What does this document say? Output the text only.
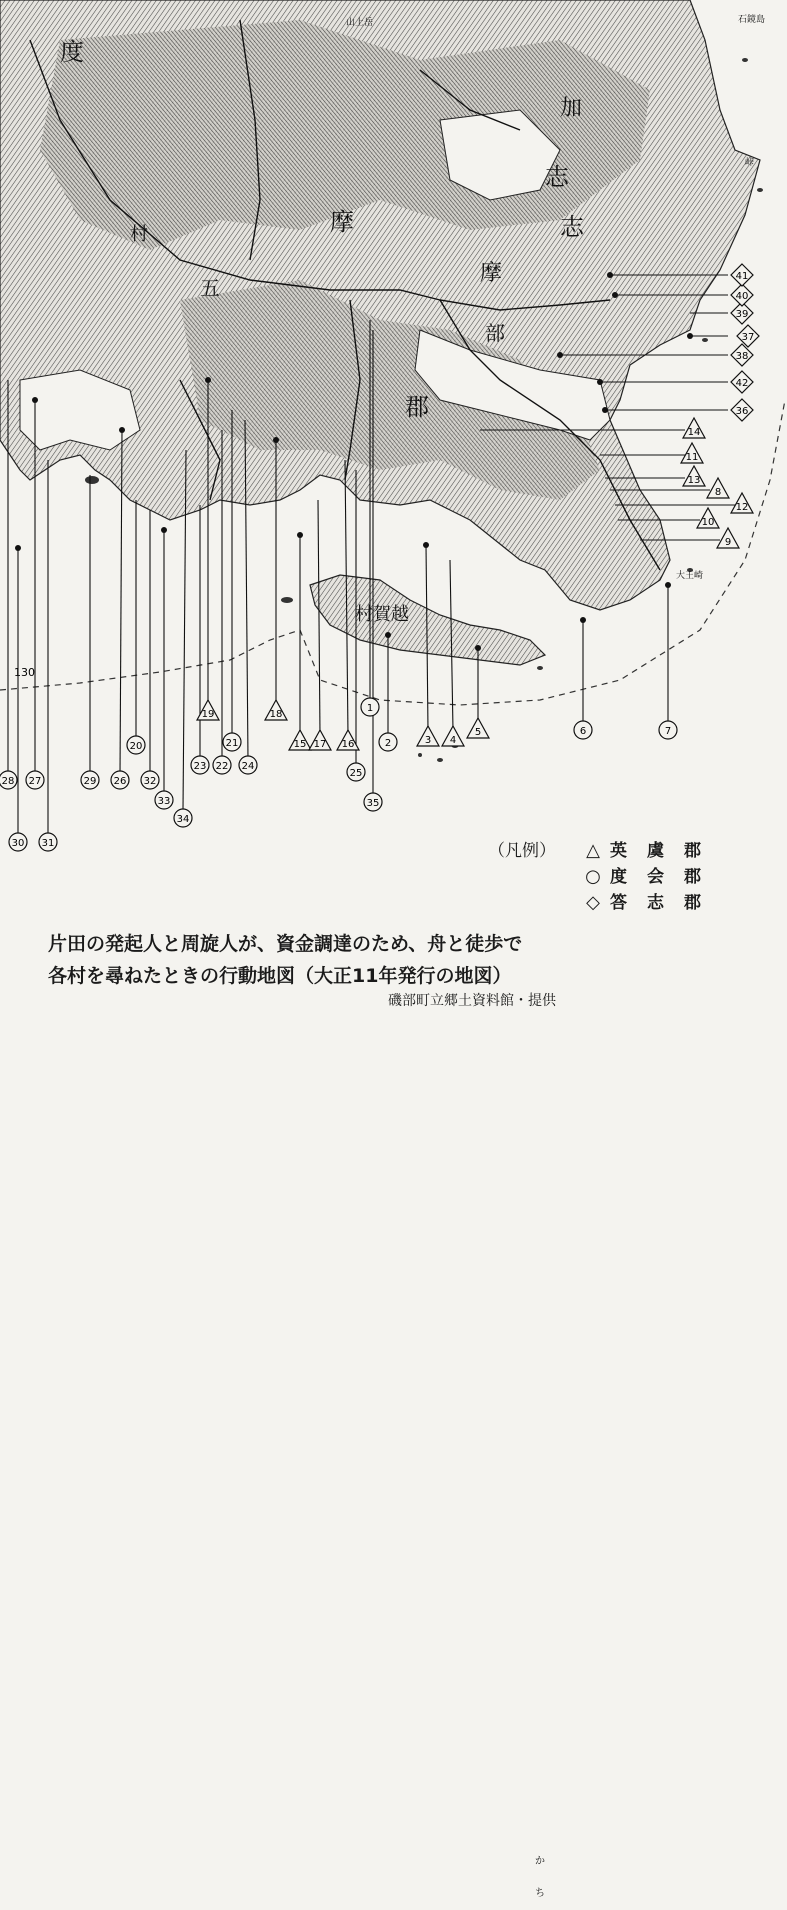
130
度
志
志
摩
摩
郡
加
部
五
村賀越
大王崎
石鏡島
山上岳
峠
村
1
2	3 4
5	6	7
8
9
10
11
12
13
14
15	16
17
18
19
20	21
22
23	24
25
26
27
28	29
30 31
32
33
34
35
36
37
38
39
40
41
42
（凡例）	△ 英虞郡
○ 度会郡
◇ 答志郡
かち
片田の発起人と周旋人が、資金調達のため、舟と徒歩で
各村を尋ねたときの行動地図（大正11年発行の地図）
磯部町立郷土資料館・提供
